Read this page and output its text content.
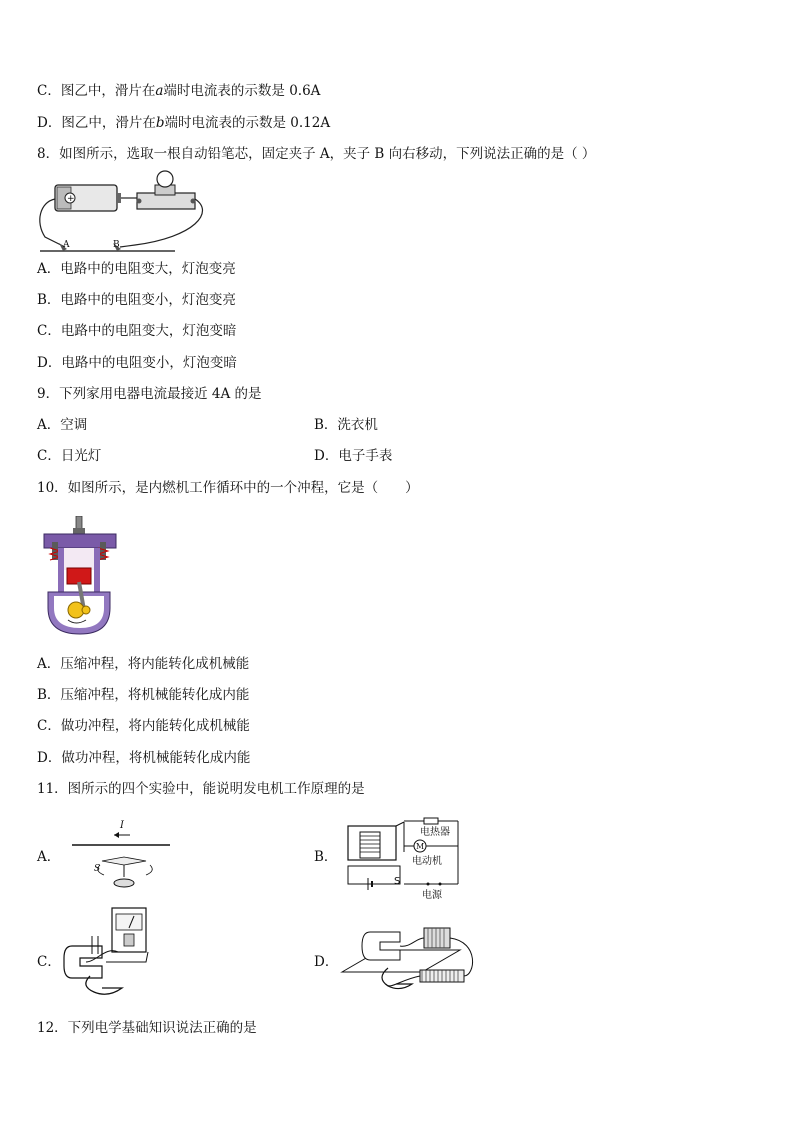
C．图乙中，滑片在a端时电流表的示数是 0.6A
D．图乙中，滑片在b端时电流表的示数是 0.12A
8．如图所示，选取一根自动铅笔芯，固定夹子 A，夹子 B 向右移动，下列说法正确的是（ ）
+
A	B
A．电路中的电阻变大，灯泡变亮
B．电路中的电阻变小，灯泡变亮
C．电路中的电阻变大，灯泡变暗
D．电路中的电阻变小，灯泡变暗
9．下列家用电器电流最接近 4A 的是
A．空调	B．洗衣机
C．日光灯	D．电子手表
10．如图所示，是内燃机工作循环中的一个冲程，它是（　　）
A．压缩冲程，将内能转化成机械能
B．压缩冲程，将机械能转化成内能
C．做功冲程，将内能转化成机械能
D．做功冲程，将机械能转化成内能
11．图所示的四个实验中，能说明发电机工作原理的是
A．
I
S
B．
电热器
M
电动机
S
电源
C．	D．
12．下列电学基础知识说法正确的是
